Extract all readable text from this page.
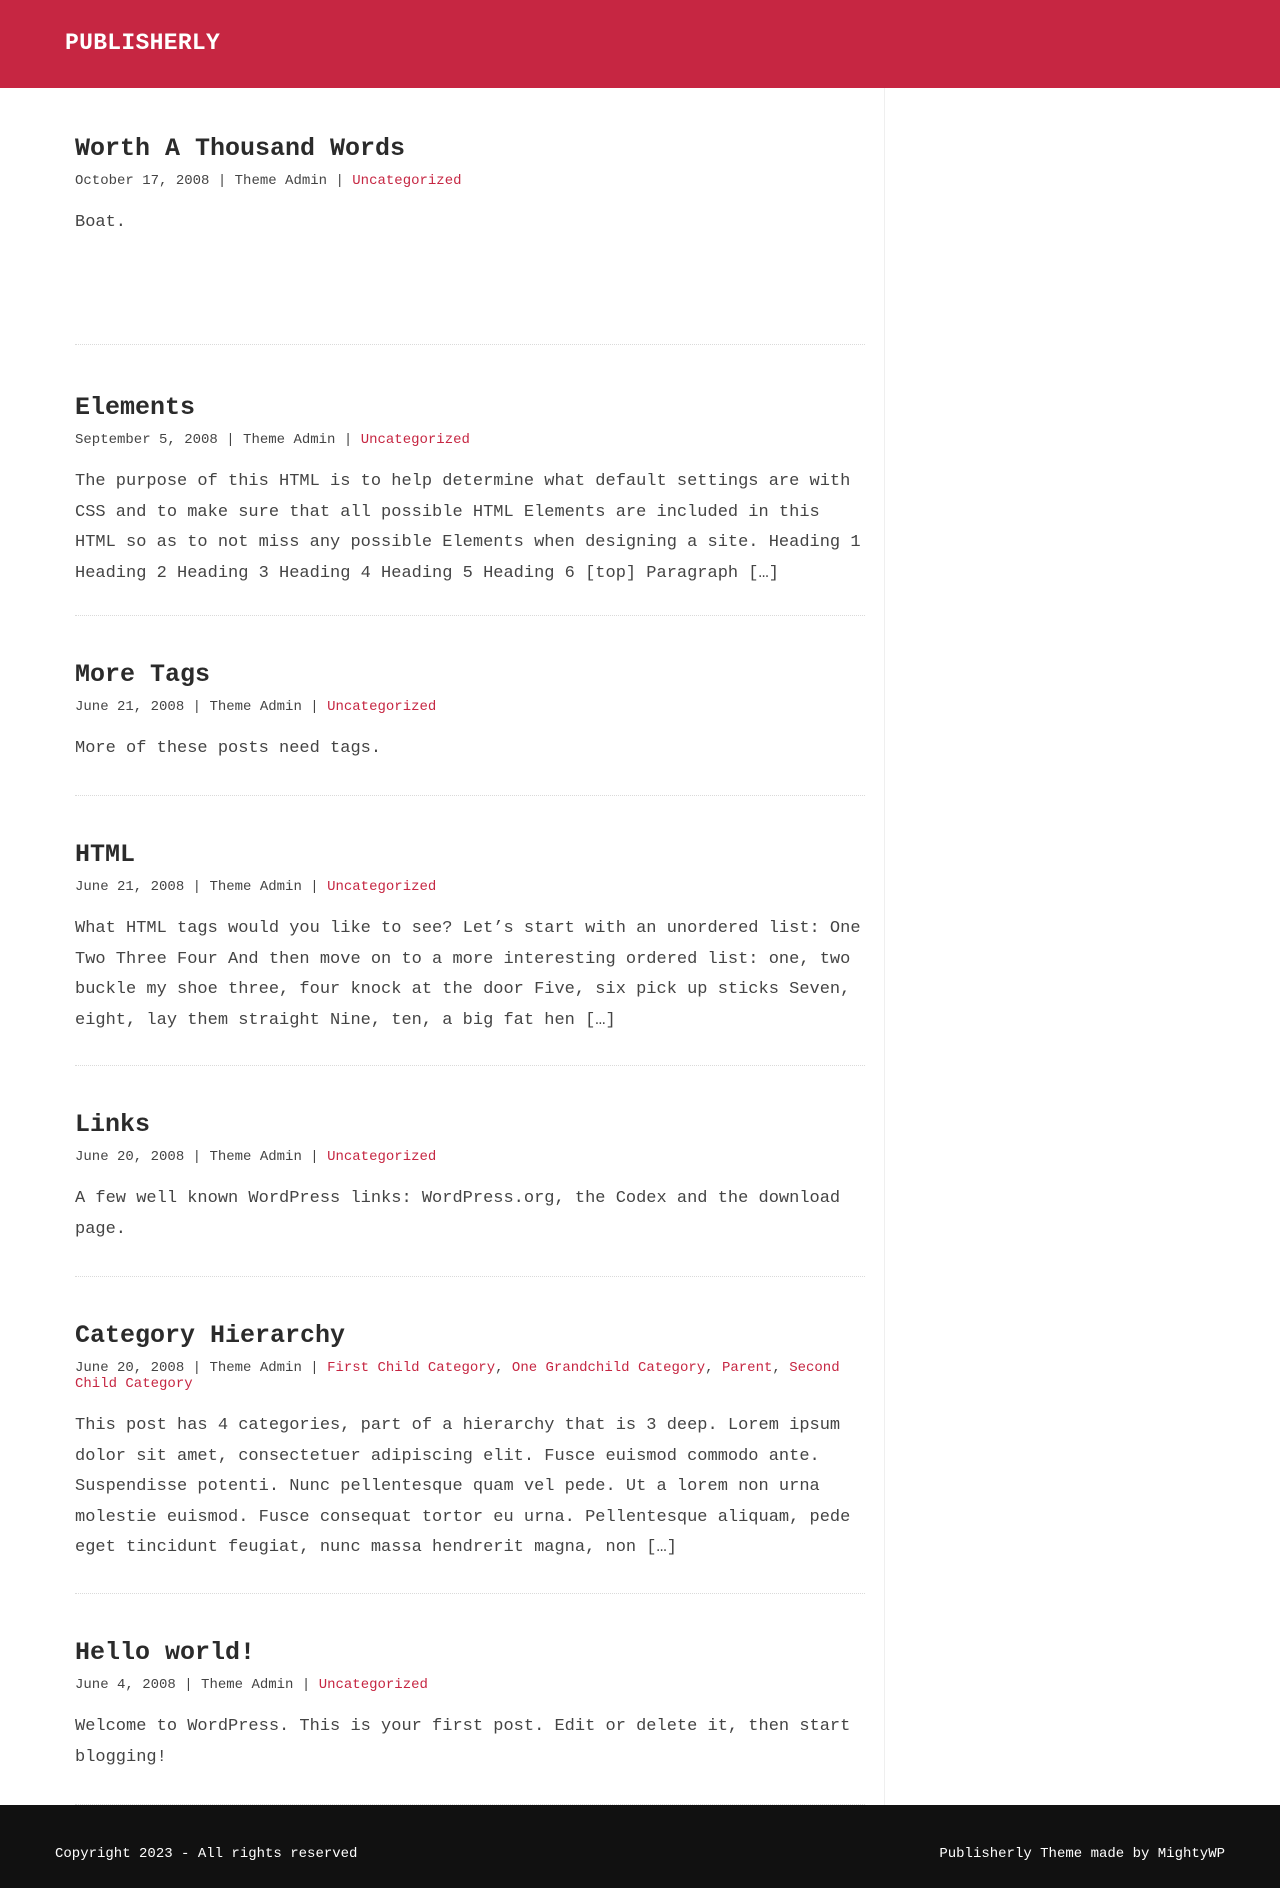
PUBLISHERLY
Worth A Thousand Words
October 17, 2008 | Theme Admin | Uncategorized

Boat.

Elements
September 5, 2008 | Theme Admin | Uncategorized

The purpose of this HTML is to help determine what default settings are with CSS and to make sure that all possible HTML Elements are included in this HTML so as to not miss any possible Elements when designing a site. Heading 1 Heading 2 Heading 3 Heading 4 Heading 5 Heading 6 [top] Paragraph […]

More Tags
June 21, 2008 | Theme Admin | Uncategorized

More of these posts need tags.

HTML
June 21, 2008 | Theme Admin | Uncategorized

What HTML tags would you like to see? Let’s start with an unordered list: One Two Three Four And then move on to a more interesting ordered list: one, two buckle my shoe three, four knock at the door Five, six pick up sticks Seven, eight, lay them straight Nine, ten, a big fat hen […]

Links
June 20, 2008 | Theme Admin | Uncategorized

A few well known WordPress links: WordPress.org, the Codex and the download page.

Category Hierarchy
June 20, 2008 | Theme Admin | First Child Category, One Grandchild Category, Parent, Second Child Category

This post has 4 categories, part of a hierarchy that is 3 deep. Lorem ipsum dolor sit amet, consectetuer adipiscing elit. Fusce euismod commodo ante. Suspendisse potenti. Nunc pellentesque quam vel pede. Ut a lorem non urna molestie euismod. Fusce consequat tortor eu urna. Pellentesque aliquam, pede eget tincidunt feugiat, nunc massa hendrerit magna, non […]

Hello world!
June 4, 2008 | Theme Admin | Uncategorized

Welcome to WordPress. This is your first post. Edit or delete it, then start blogging!

Copyright 2023 - All rights reserved	Publisherly Theme made by MightyWP
